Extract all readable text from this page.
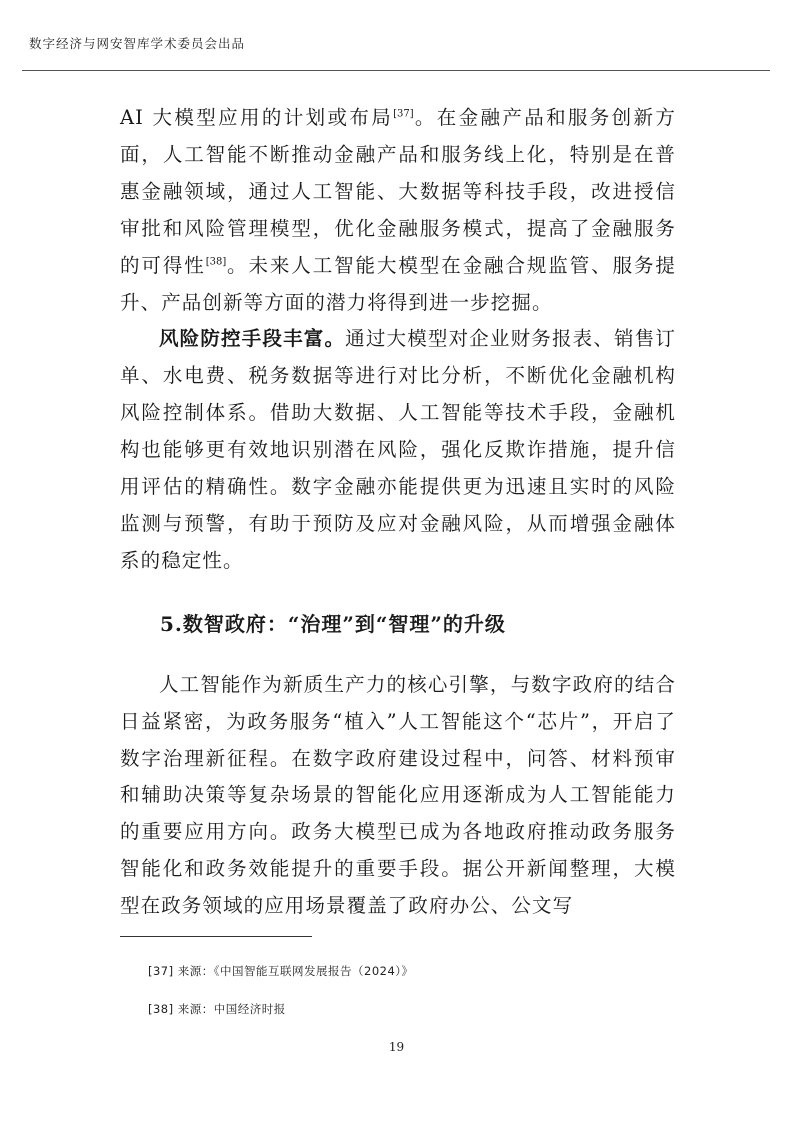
数字经济与网安智库学术委员会出品

AI 大模型应用的计划或布局[37]。在金融产品和服务创新方面，人工智能不断推动金融产品和服务线上化，特别是在普惠金融领域，通过人工智能、大数据等科技手段，改进授信审批和风险管理模型，优化金融服务模式，提高了金融服务的可得性[38]。未来人工智能大模型在金融合规监管、服务提升、产品创新等方面的潜力将得到进一步挖掘。

风险防控手段丰富。通过大模型对企业财务报表、销售订单、水电费、税务数据等进行对比分析，不断优化金融机构风险控制体系。借助大数据、人工智能等技术手段，金融机构也能够更有效地识别潜在风险，强化反欺诈措施，提升信用评估的精确性。数字金融亦能提供更为迅速且实时的风险监测与预警，有助于预防及应对金融风险，从而增强金融体系的稳定性。

5.数智政府：“治理”到“智理”的升级

人工智能作为新质生产力的核心引擎，与数字政府的结合日益紧密，为政务服务“植入”人工智能这个“芯片”，开启了数字治理新征程。在数字政府建设过程中，问答、材料预审和辅助决策等复杂场景的智能化应用逐渐成为人工智能能力的重要应用方向。政务大模型已成为各地政府推动政务服务智能化和政务效能提升的重要手段。据公开新闻整理，大模型在政务领域的应用场景覆盖了政府办公、公文写

[37] 来源：《中国智能互联网发展报告（2024）》
[38] 来源：中国经济时报
19
